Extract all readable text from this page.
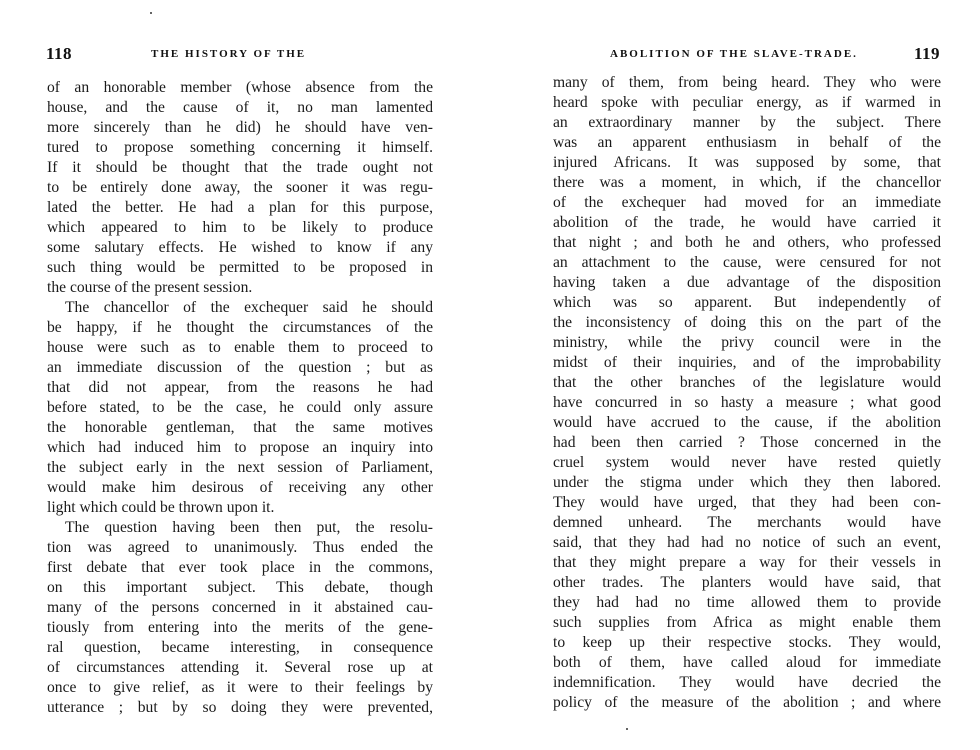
118	THE HISTORY OF THE
of an honorable member (whose absence from the
house, and the cause of it, no man lamented
more sincerely than he did) he should have ven-
tured to propose something concerning it himself.
If it should be thought that the trade ought not
to be entirely done away, the sooner it was regu-
lated the better. He had a plan for this purpose,
which appeared to him to be likely to produce
some salutary effects. He wished to know if any
such thing would be permitted to be proposed in
the course of the present session.
The chancellor of the exchequer said he should
be happy, if he thought the circumstances of the
house were such as to enable them to proceed to
an immediate discussion of the question ; but as
that did not appear, from the reasons he had
before stated, to be the case, he could only assure
the honorable gentleman, that the same motives
which had induced him to propose an inquiry into
the subject early in the next session of Parliament,
would make him desirous of receiving any other
light which could be thrown upon it.
The question having been then put, the resolu-
tion was agreed to unanimously. Thus ended the
first debate that ever took place in the commons,
on this important subject. This debate, though
many of the persons concerned in it abstained cau-
tiously from entering into the merits of the gene-
ral question, became interesting, in consequence
of circumstances attending it. Several rose up at
once to give relief, as it were to their feelings by
utterance ; but by so doing they were prevented,
ABOLITION OF THE SLAVE-TRADE.	119
many of them, from being heard. They who were
heard spoke with peculiar energy, as if warmed in
an extraordinary manner by the subject. There
was an apparent enthusiasm in behalf of the
injured Africans. It was supposed by some, that
there was a moment, in which, if the chancellor
of the exchequer had moved for an immediate
abolition of the trade, he would have carried it
that night ; and both he and others, who professed
an attachment to the cause, were censured for not
having taken a due advantage of the disposition
which was so apparent. But independently of
the inconsistency of doing this on the part of the
ministry, while the privy council were in the
midst of their inquiries, and of the improbability
that the other branches of the legislature would
have concurred in so hasty a measure ; what good
would have accrued to the cause, if the abolition
had been then carried ? Those concerned in the
cruel system would never have rested quietly
under the stigma under which they then labored.
They would have urged, that they had been con-
demned unheard. The merchants would have
said, that they had had no notice of such an event,
that they might prepare a way for their vessels in
other trades. The planters would have said, that
they had had no time allowed them to provide
such supplies from Africa as might enable them
to keep up their respective stocks. They would,
both of them, have called aloud for immediate
indemnification. They would have decried the
policy of the measure of the abolition ; and where
